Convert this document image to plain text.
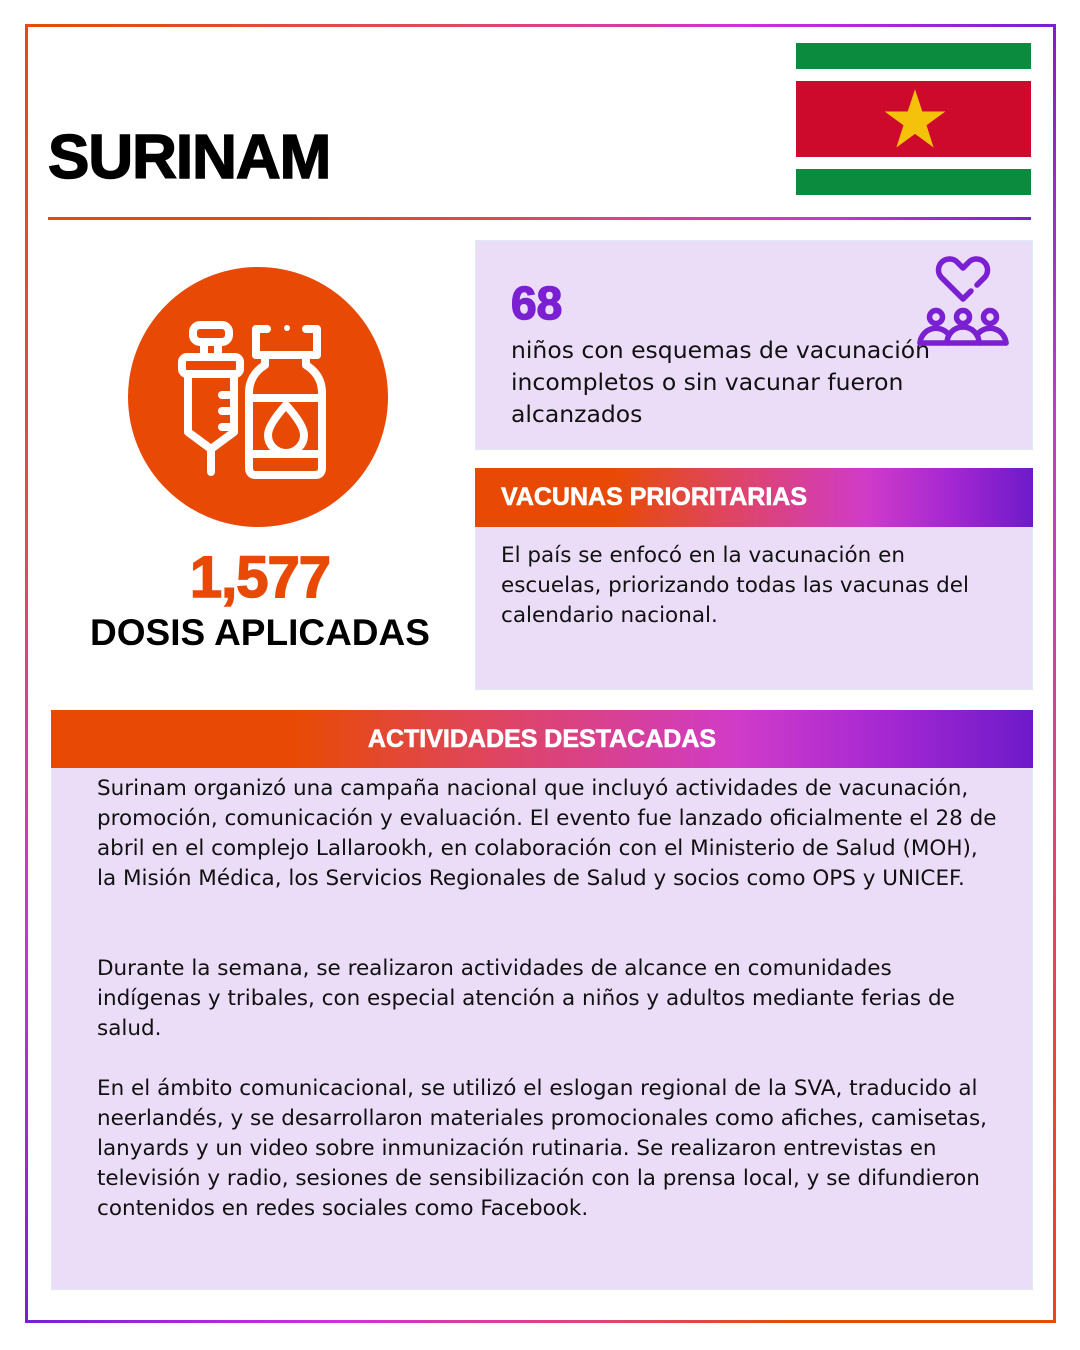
SURINAM
1,577
DOSIS APLICADAS
68
niños con esquemas de vacunación incompletos o sin vacunar fueron alcanzados
VACUNAS PRIORITARIAS

El país se enfocó en la vacunación en escuelas, priorizando todas las vacunas del calendario nacional.

ACTIVIDADES DESTACADAS

Surinam organizó una campaña nacional que incluyó actividades de vacunación, promoción, comunicación y evaluación. El evento fue lanzado oficialmente el 28 de abril en el complejo Lallarookh, en colaboración con el Ministerio de Salud (MOH), la Misión Médica, los Servicios Regionales de Salud y socios como OPS y UNICEF.

Durante la semana, se realizaron actividades de alcance en comunidades indígenas y tribales, con especial atención a niños y adultos mediante ferias de salud.

En el ámbito comunicacional, se utilizó el eslogan regional de la SVA, traducido al neerlandés, y se desarrollaron materiales promocionales como afiches, camisetas, lanyards y un video sobre inmunización rutinaria. Se realizaron entrevistas en televisión y radio, sesiones de sensibilización con la prensa local, y se difundieron contenidos en redes sociales como Facebook.
